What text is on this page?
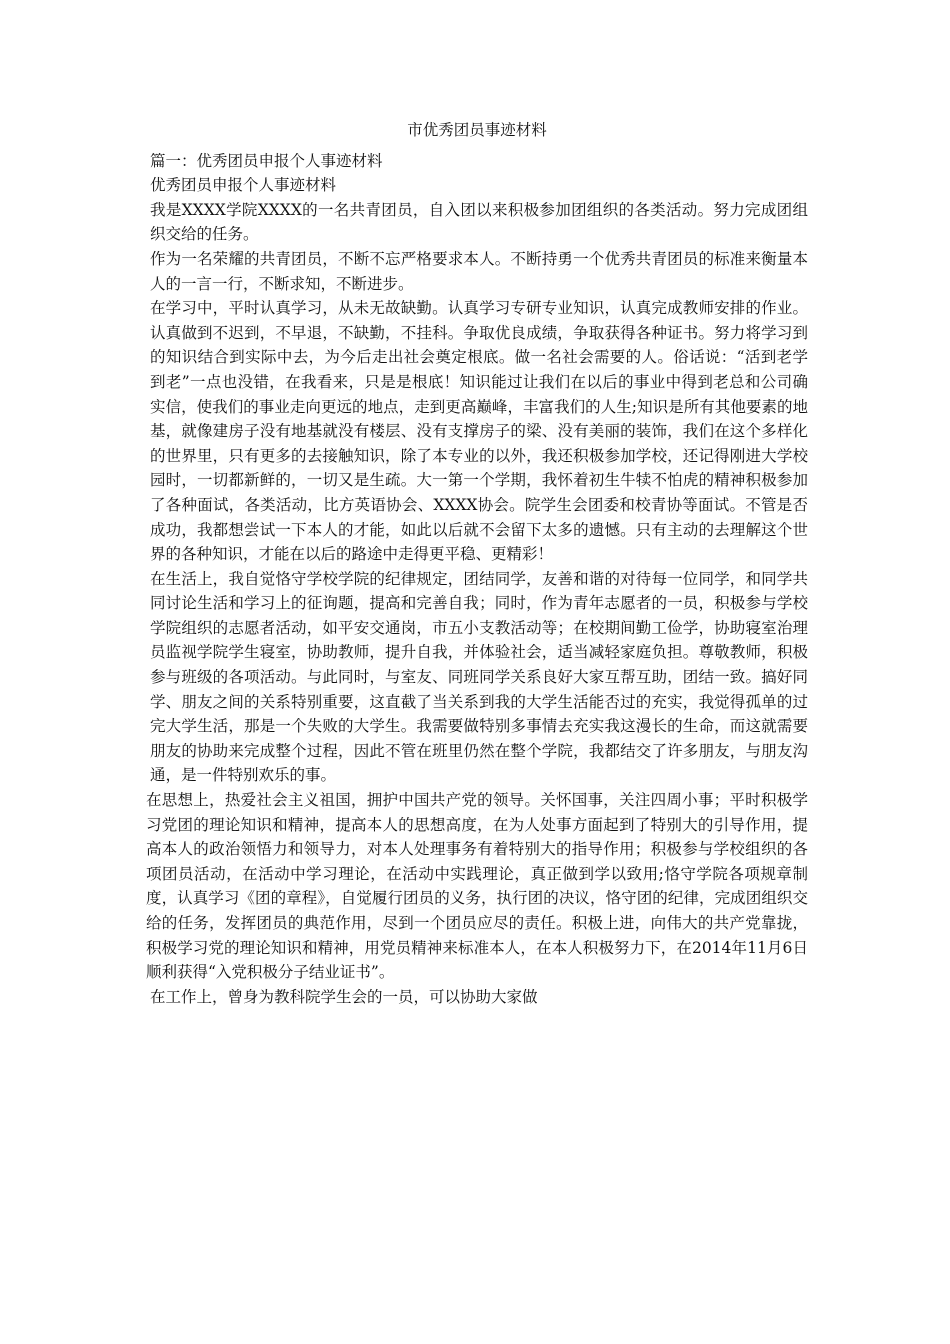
市优秀团员事迹材料

篇一：优秀团员申报个人事迹材料

优秀团员申报个人事迹材料

我是XXXX学院XXXX的一名共青团员，自入团以来积极参加团组织的各类活动。努力完成团组织交给的任务。

作为一名荣耀的共青团员，不断不忘严格要求本人。不断持勇一个优秀共青团员的标准来衡量本人的一言一行，不断求知，不断进步。

在学习中，平时认真学习，从未无故缺勤。认真学习专研专业知识，认真完成教师安排的作业。认真做到不迟到，不早退，不缺勤，不挂科。争取优良成绩，争取获得各种证书。努力将学习到的知识结合到实际中去，为今后走出社会奠定根底。做一名社会需要的人。俗话说：“活到老学到老”一点也没错，在我看来，只是是根底！知识能过让我们在以后的事业中得到老总和公司确实信，使我们的事业走向更远的地点，走到更高巅峰，丰富我们的人生;知识是所有其他要素的地基，就像建房子没有地基就没有楼层、没有支撑房子的梁、没有美丽的装饰，我们在这个多样化的世界里，只有更多的去接触知识，除了本专业的以外，我还积极参加学校，还记得刚进大学校园时，一切都新鲜的，一切又是生疏。大一第一个学期，我怀着初生牛犊不怕虎的精神积极参加了各种面试，各类活动，比方英语协会、XXXX协会。院学生会团委和校青协等面试。不管是否成功，我都想尝试一下本人的才能，如此以后就不会留下太多的遗憾。只有主动的去理解这个世界的各种知识，才能在以后的路途中走得更平稳、更精彩！

在生活上，我自觉恪守学校学院的纪律规定，团结同学，友善和谐的对待每一位同学，和同学共同讨论生活和学习上的征询题，提高和完善自我；同时，作为青年志愿者的一员，积极参与学校学院组织的志愿者活动，如平安交通岗，市五小支教活动等；在校期间勤工俭学，协助寝室治理员监视学院学生寝室，协助教师，提升自我，并体验社会，适当减轻家庭负担。尊敬教师，积极参与班级的各项活动。与此同时，与室友、同班同学关系良好大家互帮互助，团结一致。搞好同学、朋友之间的关系特别重要，这直截了当关系到我的大学生活能否过的充实，我觉得孤单的过完大学生活，那是一个失败的大学生。我需要做特别多事情去充实我这漫长的生命，而这就需要朋友的协助来完成整个过程，因此不管在班里仍然在整个学院，我都结交了许多朋友，与朋友沟通，是一件特别欢乐的事。

在思想上，热爱社会主义祖国，拥护中国共产党的领导。关怀国事，关注四周小事；平时积极学习党团的理论知识和精神，提高本人的思想高度，在为人处事方面起到了特别大的引导作用，提高本人的政治领悟力和领导力，对本人处理事务有着特别大的指导作用；积极参与学校组织的各项团员活动，在活动中学习理论，在活动中实践理论，真正做到学以致用;恪守学院各项规章制度，认真学习《团的章程》，自觉履行团员的义务，执行团的决议，恪守团的纪律，完成团组织交给的任务，发挥团员的典范作用，尽到一个团员应尽的责任。积极上进，向伟大的共产党靠拢，积极学习党的理论知识和精神，用党员精神来标准本人，在本人积极努力下，在2014年11月6日顺利获得“入党积极分子结业证书”。

在工作上，曾身为教科院学生会的一员，可以协助大家做
